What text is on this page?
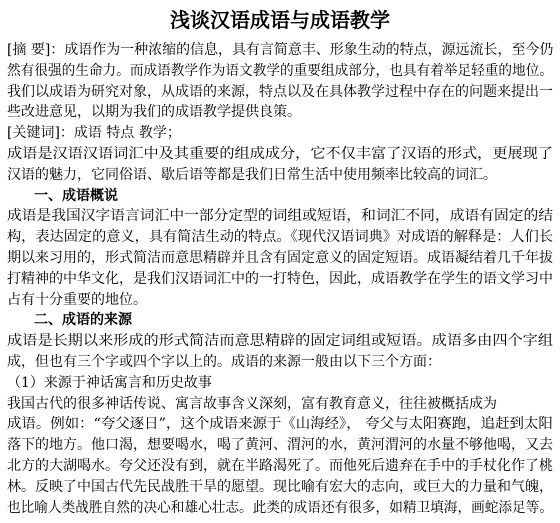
浅谈汉语成语与成语教学
[摘 要]：成语作为一种浓缩的信息，具有言简意丰、形象生动的特点，源远流长，至今仍
然有很强的生命力。而成语教学作为语文教学的重要组成部分，也具有着举足轻重的地位。
我们以成语为研究对象，从成语的来源，特点以及在具体教学过程中存在的问题来提出一
些改进意见，以期为我们的成语教学提供良策。
[关键词]：成语 特点 教学；
成语是汉语汉语词汇中及其重要的组成成分，它不仅丰富了汉语的形式，更展现了
汉语的魅力，它同俗语、歇后语等都是我们日常生活中使用频率比较高的词汇。
一、成语概说
成语是我国汉字语言词汇中一部分定型的词组或短语，和词汇不同，成语有固定的结
构，表达固定的意义，具有简洁生动的特点。《现代汉语词典》对成语的解释是：人们长
期以来习用的，形式简洁而意思精辟并且含有固定意义的固定短语。成语凝结着几千年拔
打精神的中华文化，是我们汉语词汇中的一打特色，因此，成语教学在学生的语文学习中
占有十分重要的地位。
二、成语的来源
成语是长期以来形成的形式简洁而意思精辟的固定词组或短语。成语多由四个字组
成，但也有三个字或四个字以上的。成语的来源一般由以下三个方面：
（1）来源于神话寓言和历史故事
我国古代的很多神话传说、寓言故事含义深刻，富有教育意义，往往被概括成为
成语。例如：“夸父逐日”，这个成语来源于《山海经》， 夸父与太阳赛跑，追赶到太阳
落下的地方。他口渴，想要喝水，喝了黄河、渭河的水，黄河渭河的水量不够他喝，又去
北方的大湖喝水。夸父还没有到，就在半路渴死了。而他死后遗弃在手中的手杖化作了桃
林。反映了中国古代先民战胜干旱的愿望。现比喻有宏大的志向，或巨大的力量和气魄，
也比喻人类战胜自然的决心和雄心壮志。此类的成语还有很多，如精卫填海，画蛇添足等。
